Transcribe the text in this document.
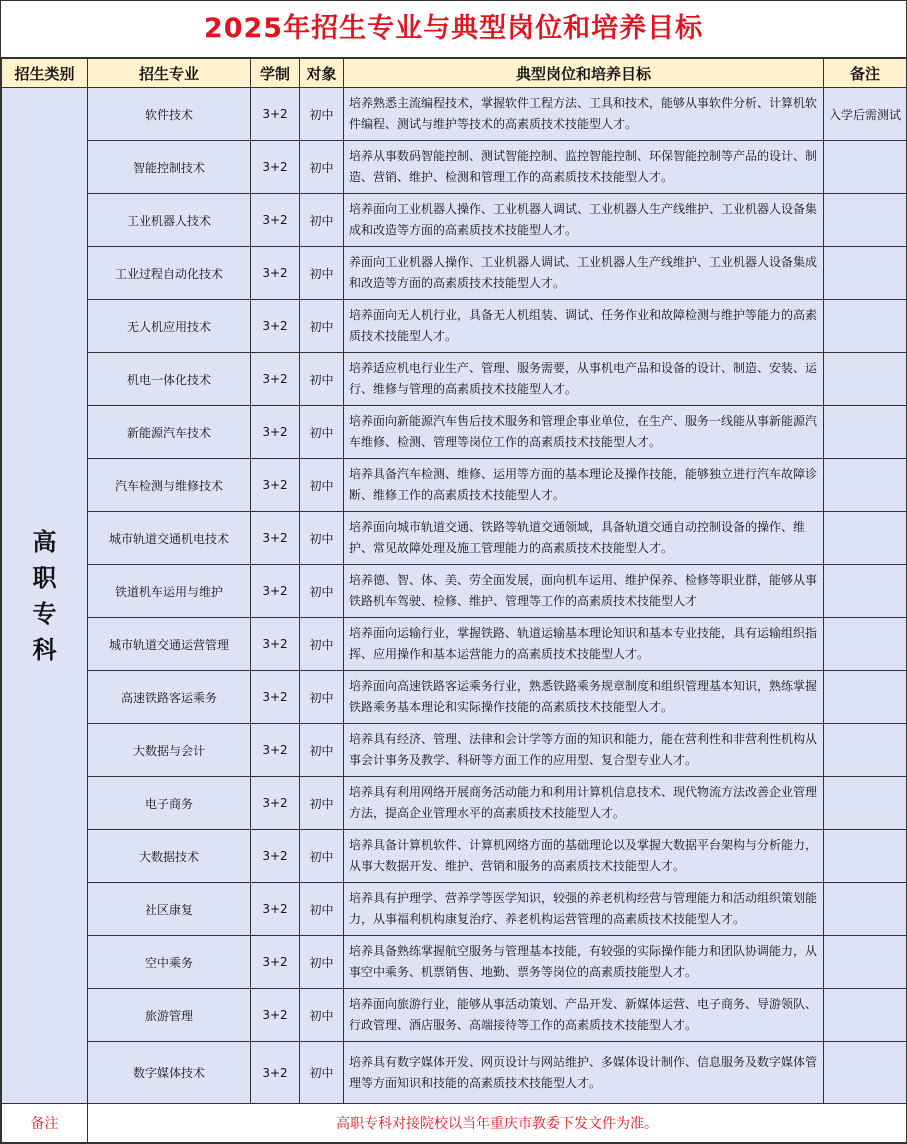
2025年招生专业与典型岗位和培养目标
招生类别	招生专业	学制	对象	典型岗位和培养目标	备注

高
职
专
科	软件技术	3+2	初中	培养熟悉主流编程技术，掌握软件工程方法、工具和技术，能够从事软件分析、计算机软件编程、测试与维护等技术的高素质技术技能型人才。	入学后需测试
	智能控制技术	3+2	初中	培养从事数码智能控制、测试智能控制、监控智能控制、环保智能控制等产品的设计、制造、营销、维护、检测和管理工作的高素质技术技能型人才。	
	工业机器人技术	3+2	初中	培养面向工业机器人操作、工业机器人调试、工业机器人生产线维护、工业机器人设备集成和改造等方面的高素质技术技能型人才。	
	工业过程自动化技术	3+2	初中	养面向工业机器人操作、工业机器人调试、工业机器人生产线维护、工业机器人设备集成和改造等方面的高素质技术技能型人才。	
	无人机应用技术	3+2	初中	培养面向无人机行业，具备无人机组装、调试、任务作业和故障检测与维护等能力的高素质技术技能型人才。	
	机电一体化技术	3+2	初中	培养适应机电行业生产、管理、服务需要，从事机电产品和设备的设计、制造、安装、运行、维修与管理的高素质技术技能型人才。	
	新能源汽车技术	3+2	初中	培养面向新能源汽车售后技术服务和管理企事业单位，在生产、服务一线能从事新能源汽车维修、检测、管理等岗位工作的高素质技术技能型人才。	
	汽车检测与维修技术	3+2	初中	培养具备汽车检测、维修、运用等方面的基本理论及操作技能，能够独立进行汽车故障诊断、维修工作的高素质技术技能型人才。	
	城市轨道交通机电技术	3+2	初中	培养面向城市轨道交通、铁路等轨道交通领域，具备轨道交通自动控制设备的操作、维护、常见故障处理及施工管理能力的高素质技术技能型人才。	
	铁道机车运用与维护	3+2	初中	培养德、智、体、美、劳全面发展，面向机车运用、维护保养、检修等职业群，能够从事铁路机车驾驶、检修、维护、管理等工作的高素质技术技能型人才	
	城市轨道交通运营管理	3+2	初中	培养面向运输行业，掌握铁路、轨道运输基本理论知识和基本专业技能，具有运输组织指挥、应用操作和基本运营能力的高素质技术技能型人才。	
	高速铁路客运乘务	3+2	初中	培养面向高速铁路客运乘务行业，熟悉铁路乘务规章制度和组织管理基本知识，熟练掌握铁路乘务基本理论和实际操作技能的高素质技术技能型人才。	
	大数据与会计	3+2	初中	培养具有经济、管理、法律和会计学等方面的知识和能力，能在营利性和非营利性机构从事会计事务及教学、科研等方面工作的应用型、复合型专业人才。	
	电子商务	3+2	初中	培养具有利用网络开展商务活动能力和利用计算机信息技术、现代物流方法改善企业管理方法，提高企业管理水平的高素质技术技能型人才。	
	大数据技术	3+2	初中	培养具备计算机软件、计算机网络方面的基础理论以及掌握大数据平台架构与分析能力，从事大数据开发、维护、营销和服务的高素质技术技能型人才。	
	社区康复	3+2	初中	培养具有护理学、营养学等医学知识，较强的养老机构经营与管理能力和活动组织策划能力，从事福利机构康复治疗、养老机构运营管理的高素质技术技能型人才。	
	空中乘务	3+2	初中	培养具备熟练掌握航空服务与管理基本技能，有较强的实际操作能力和团队协调能力，从事空中乘务、机票销售、地勤、票务等岗位的高素质技能型人才。	
	旅游管理	3+2	初中	培养面向旅游行业，能够从事活动策划、产品开发、新媒体运营、电子商务、导游领队、行政管理、酒店服务、高端接待等工作的高素质技术技能型人才。	
	数字媒体技术	3+2	初中	培养具有数字媒体开发、网页设计与网站维护、多媒体设计制作、信息服务及数字媒体管理等方面知识和技能的高素质技术技能型人才。	
备注	高职专科对接院校以当年重庆市教委下发文件为准。				
